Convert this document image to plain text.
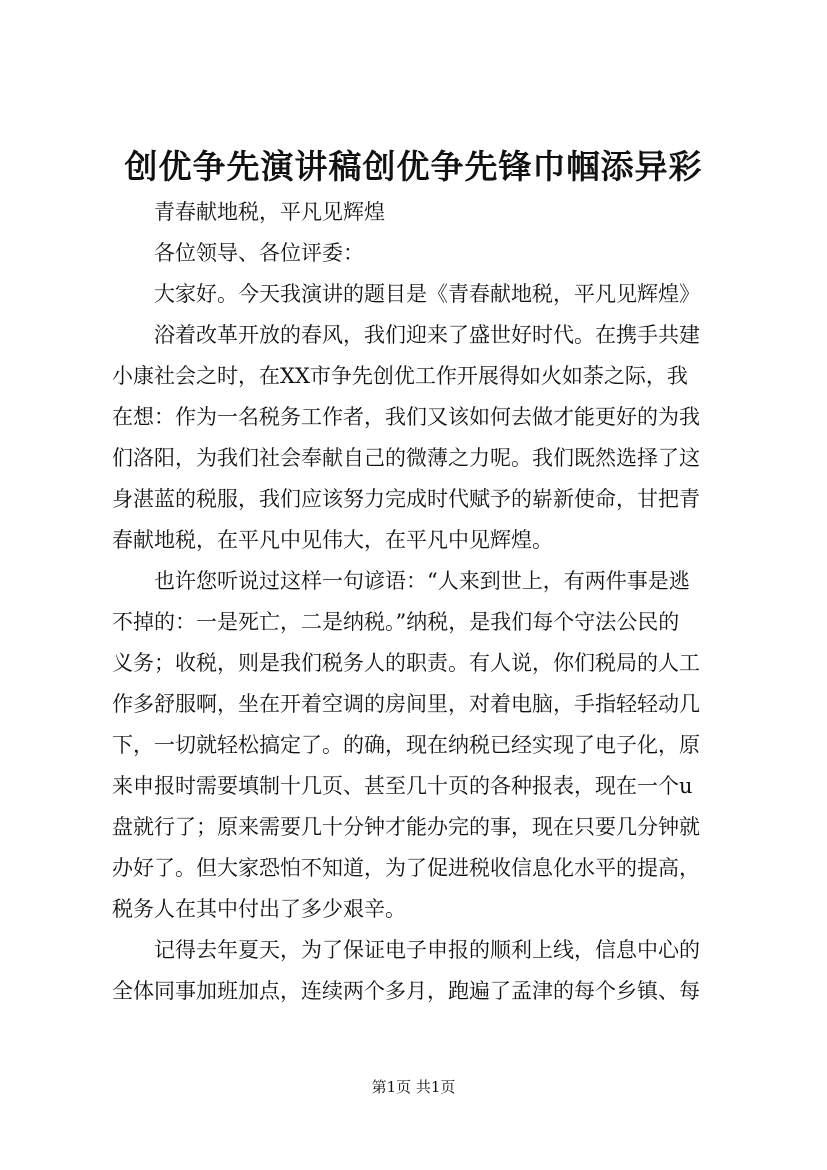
创优争先演讲稿创优争先锋巾帼添异彩

青春献地税，平凡见辉煌

各位领导、各位评委：

大家好。今天我演讲的题目是《青春献地税，平凡见辉煌》

浴着改革开放的春风，我们迎来了盛世好时代。在携手共建
小康社会之时，在XX市争先创优工作开展得如火如荼之际，我
在想：作为一名税务工作者，我们又该如何去做才能更好的为我
们洛阳，为我们社会奉献自己的微薄之力呢。我们既然选择了这
身湛蓝的税服，我们应该努力完成时代赋予的崭新使命，甘把青
春献地税，在平凡中见伟大，在平凡中见辉煌。

也许您听说过这样一句谚语：“人来到世上，有两件事是逃
不掉的：一是死亡，二是纳税。”纳税，是我们每个守法公民的
义务；收税，则是我们税务人的职责。有人说，你们税局的人工
作多舒服啊，坐在开着空调的房间里，对着电脑，手指轻轻动几
下，一切就轻松搞定了。的确，现在纳税已经实现了电子化，原
来申报时需要填制十几页、甚至几十页的各种报表，现在一个u
盘就行了；原来需要几十分钟才能办完的事，现在只要几分钟就
办好了。但大家恐怕不知道，为了促进税收信息化水平的提高，
税务人在其中付出了多少艰辛。

记得去年夏天，为了保证电子申报的顺利上线，信息中心的
全体同事加班加点，连续两个多月，跑遍了孟津的每个乡镇、每

第1页 共1页
